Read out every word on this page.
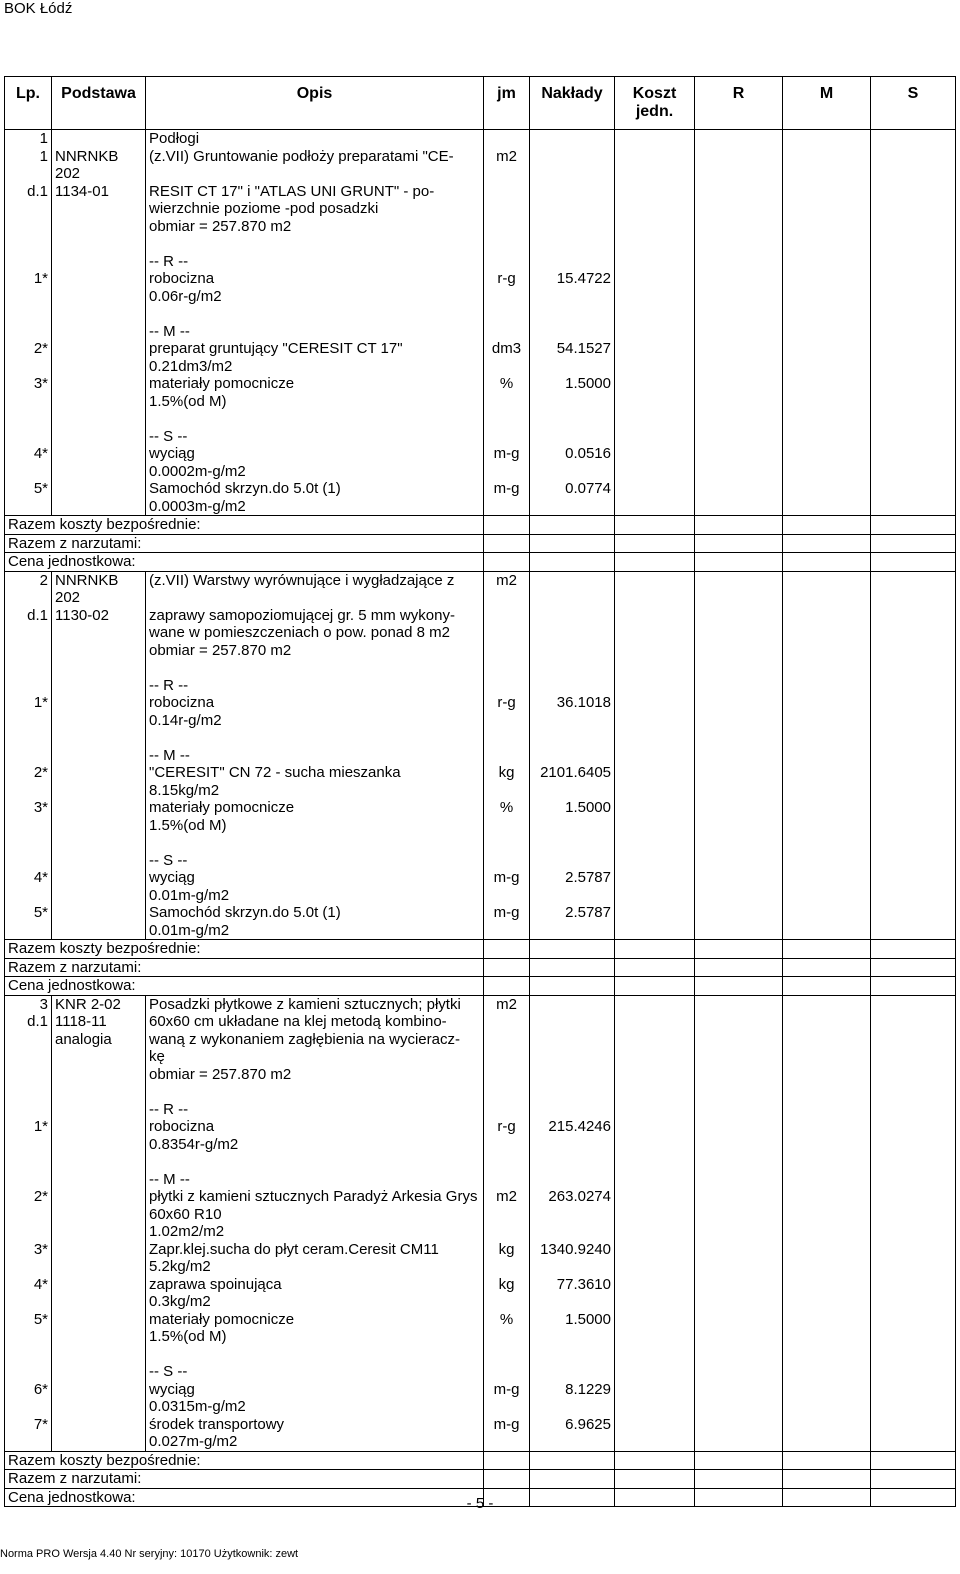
BOK Łódź
Lp.	Podstawa	Opis	jm	Nakłady	Koszt jedn.	R	M	S
1		Podłogi						
1	NNRNKB 202	(z.VII) Gruntowanie podłoży preparatami "CE-	m2					
d.1	1134-01	RESIT CT 17" i "ATLAS UNI GRUNT" - po-						
		wierzchnie poziome -pod posadzki						
		obmiar = 257.870 m2						

		-- R --						
1*		robocizna	r-g	15.4722				
		0.06r-g/m2						

		-- M --						
2*		preparat gruntujący "CERESIT CT 17"	dm3	54.1527				
		0.21dm3/m2						
3*		materiały pomocnicze	%	1.5000				
		1.5%(od M)						

		-- S --						
4*		wyciąg	m-g	0.0516				
		0.0002m-g/m2						
5*		Samochód skrzyn.do 5.0t (1)	m-g	0.0774				
		0.0003m-g/m2						
Razem koszty bezpośrednie:								
Razem z narzutami:								
Cena jednostkowa:								
2	NNRNKB 202	(z.VII) Warstwy wyrównujące i wygładzające z	m2					
d.1	1130-02	zaprawy samopoziomującej gr. 5 mm wykony-						
		wane w pomieszczeniach o pow. ponad 8 m2						
		obmiar = 257.870 m2						

		-- R --						
1*		robocizna	r-g	36.1018				
		0.14r-g/m2						

		-- M --						
2*		"CERESIT" CN 72 - sucha mieszanka	kg	2101.6405				
		8.15kg/m2						
3*		materiały pomocnicze	%	1.5000				
		1.5%(od M)						

		-- S --						
4*		wyciąg	m-g	2.5787				
		0.01m-g/m2						
5*		Samochód skrzyn.do 5.0t (1)	m-g	2.5787				
		0.01m-g/m2						
Razem koszty bezpośrednie:								
Razem z narzutami:								
Cena jednostkowa:								
3	KNR 2-02	Posadzki płytkowe z kamieni sztucznych; płytki	m2					
d.1	1118-11	60x60 cm układane na klej metodą kombino-						
	analogia	waną z wykonaniem zagłębienia na wycieracz-						
		kę						
		obmiar = 257.870 m2						

		-- R --						
1*		robocizna	r-g	215.4246				
		0.8354r-g/m2						

		-- M --						
2*		płytki z kamieni sztucznych Paradyż Arkesia Grys 60x60 R10	m2	263.0274				
		1.02m2/m2						
3*		Zapr.klej.sucha do płyt ceram.Ceresit CM11	kg	1340.9240				
		5.2kg/m2						
4*		zaprawa spoinująca	kg	77.3610				
		0.3kg/m2						
5*		materiały pomocnicze	%	1.5000				
		1.5%(od M)						

		-- S --						
6*		wyciąg	m-g	8.1229				
		0.0315m-g/m2						
7*		środek transportowy	m-g	6.9625				
		0.027m-g/m2						
Razem koszty bezpośrednie:								
Razem z narzutami:								
Cena jednostkowa:									- 5 -
Norma PRO Wersja 4.40 Nr seryjny: 10170 Użytkownik: zewt
